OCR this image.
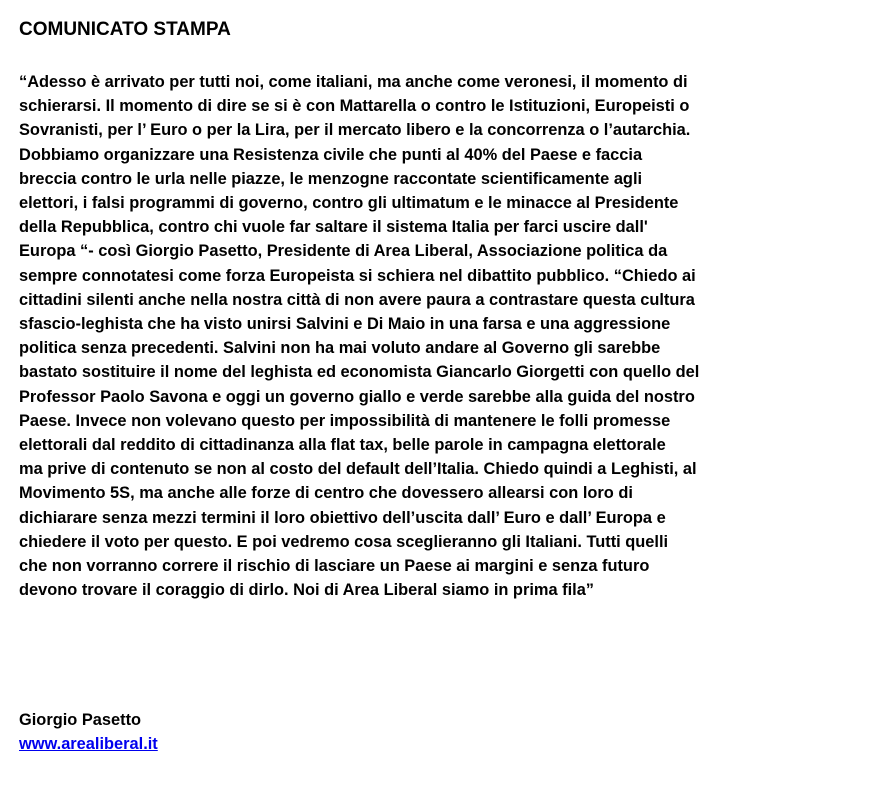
COMUNICATO STAMPA
“Adesso è arrivato per tutti noi, come italiani, ma anche come veronesi, il momento di
schierarsi. Il momento di dire se si è con Mattarella o contro le Istituzioni, Europeisti o
Sovranisti, per l’ Euro o per la Lira, per il mercato libero e la concorrenza o l’autarchia.
Dobbiamo organizzare una Resistenza civile che punti al 40% del Paese e faccia
breccia contro le urla nelle piazze, le menzogne raccontate scientificamente agli
elettori, i falsi programmi di governo, contro gli ultimatum e le minacce al Presidente
della Repubblica, contro chi vuole far saltare il sistema Italia per farci uscire dall'
Europa “- così Giorgio Pasetto, Presidente di Area Liberal, Associazione politica da
sempre connotatesi come forza Europeista si schiera nel dibattito pubblico. “Chiedo ai
cittadini silenti anche nella nostra città di non avere paura a contrastare questa cultura
sfascio-leghista che ha visto unirsi Salvini e Di Maio in una farsa e una aggressione
politica senza precedenti. Salvini non ha mai voluto andare al Governo gli sarebbe
bastato sostituire il nome del leghista ed economista Giancarlo Giorgetti con quello del
Professor Paolo Savona e oggi un governo giallo e verde sarebbe alla guida del nostro
Paese. Invece non volevano questo per impossibilità di mantenere le folli promesse
elettorali dal reddito di cittadinanza alla flat tax, belle parole in campagna elettorale
ma prive di contenuto se non al costo del default dell’Italia. Chiedo quindi a Leghisti, al
Movimento 5S, ma anche alle forze di centro che dovessero allearsi con loro di
dichiarare senza mezzi termini il loro obiettivo dell’uscita dall’ Euro e dall’ Europa e
chiedere il voto per questo. E poi vedremo cosa sceglieranno gli Italiani. Tutti quelli
che non vorranno correre il rischio di lasciare un Paese ai margini e senza futuro
devono trovare il coraggio di dirlo. Noi di Area Liberal siamo in prima fila”
Giorgio Pasetto
www.arealiberal.it
